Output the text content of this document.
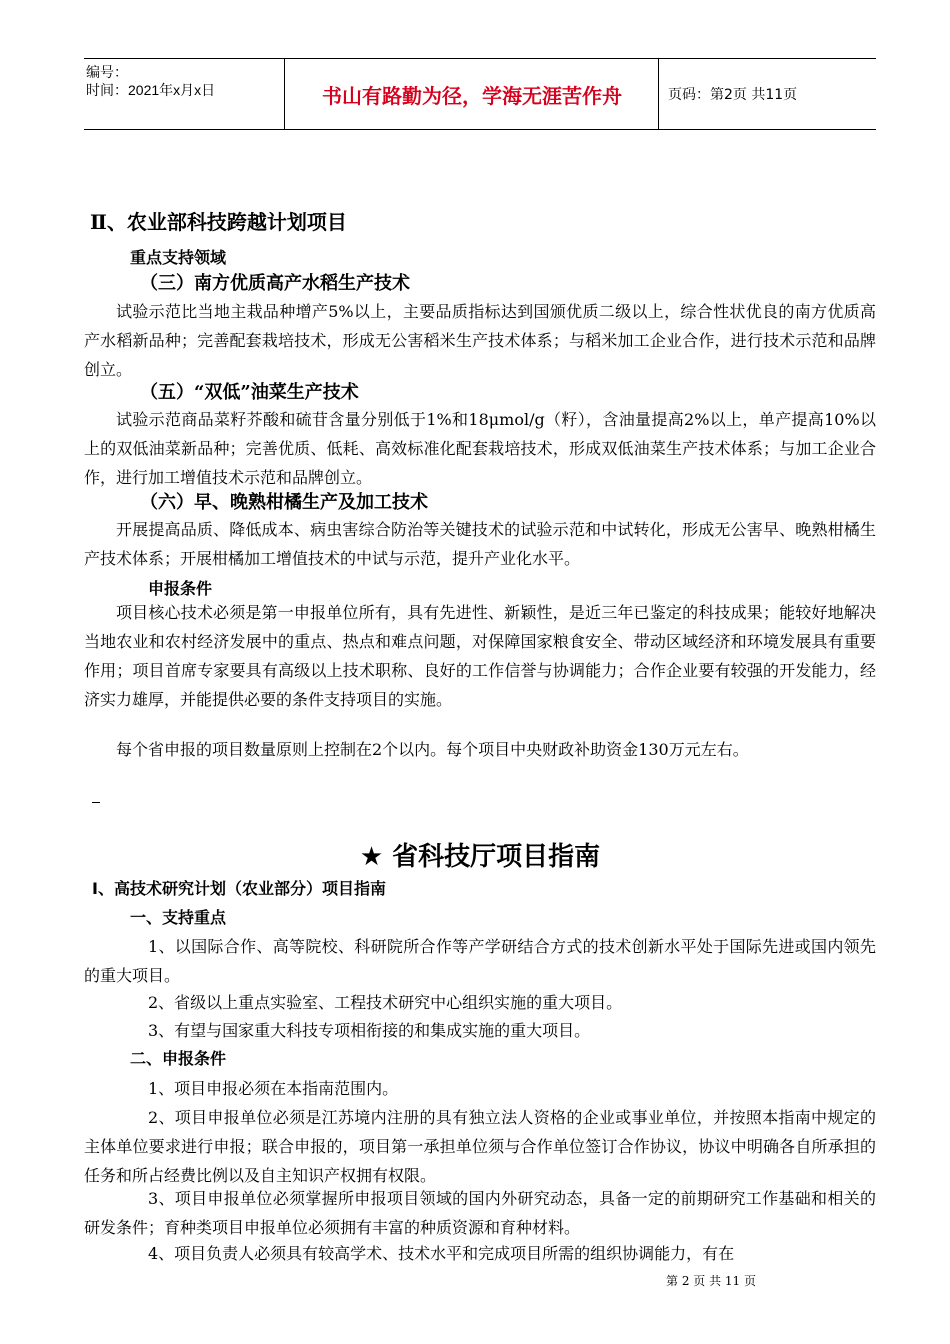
编号：
时间：2021年x月x日	书山有路勤为径，学海无涯苦作舟	页码：第2页 共11页
Ⅱ、农业部科技跨越计划项目
重点支持领域
（三）南方优质高产水稻生产技术
试验示范比当地主栽品种增产5%以上，主要品质指标达到国颁优质二级以上，综合性状优良的南方优质高产水稻新品种；完善配套栽培技术，形成无公害稻米生产技术体系；与稻米加工企业合作，进行技术示范和品牌创立。
（五）“双低”油菜生产技术
试验示范商品菜籽芥酸和硫苷含量分别低于1%和18μmol/g（籽），含油量提高2%以上，单产提高10%以上的双低油菜新品种；完善优质、低耗、高效标准化配套栽培技术，形成双低油菜生产技术体系；与加工企业合作，进行加工增值技术示范和品牌创立。
（六）早、晚熟柑橘生产及加工技术
开展提高品质、降低成本、病虫害综合防治等关键技术的试验示范和中试转化，形成无公害早、晚熟柑橘生产技术体系；开展柑橘加工增值技术的中试与示范，提升产业化水平。
申报条件
项目核心技术必须是第一申报单位所有，具有先进性、新颖性，是近三年已鉴定的科技成果；能较好地解决当地农业和农村经济发展中的重点、热点和难点问题，对保障国家粮食安全、带动区域经济和环境发展具有重要作用；项目首席专家要具有高级以上技术职称、良好的工作信誉与协调能力；合作企业要有较强的开发能力，经济实力雄厚，并能提供必要的条件支持项目的实施。
每个省申报的项目数量原则上控制在2个以内。每个项目中央财政补助资金130万元左右。
★ 省科技厅项目指南
Ⅰ、高技术研究计划（农业部分）项目指南
一、支持重点
1、以国际合作、高等院校、科研院所合作等产学研结合方式的技术创新水平处于国际先进或国内领先的重大项目。
2、省级以上重点实验室、工程技术研究中心组织实施的重大项目。
3、有望与国家重大科技专项相衔接的和集成实施的重大项目。
二、申报条件
1、项目申报必须在本指南范围内。
2、项目申报单位必须是江苏境内注册的具有独立法人资格的企业或事业单位，并按照本指南中规定的主体单位要求进行申报；联合申报的，项目第一承担单位须与合作单位签订合作协议，协议中明确各自所承担的任务和所占经费比例以及自主知识产权拥有权限。
3、项目申报单位必须掌握所申报项目领域的国内外研究动态，具备一定的前期研究工作基础和相关的研发条件；育种类项目申报单位必须拥有丰富的种质资源和育种材料。
4、项目负责人必须具有较高学术、技术水平和完成项目所需的组织协调能力，有在
第 2 页 共 11 页
